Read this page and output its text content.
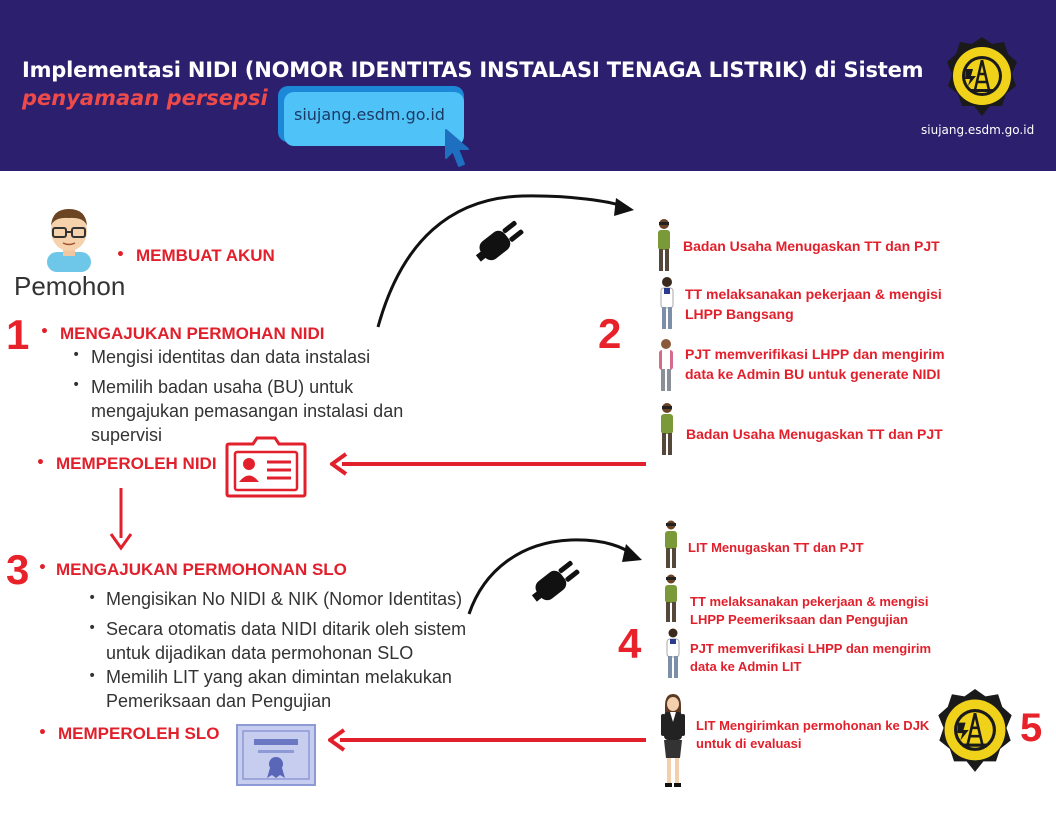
Implementasi NIDI (NOMOR IDENTITAS INSTALASI TENAGA LISTRIK) di Sistem
penyamaan persepsi
siujang.esdm.go.id
siujang.esdm.go.id
Pemohon
• MEMBUAT AKUN
1 • MENGAJUKAN PERMOHAN NIDI
• Mengisi identitas dan data instalasi
• Memilih badan usaha (BU) untuk
mengajukan pemasangan instalasi dan
supervisi
• MEMPEROLEH NIDI
3 • MENGAJUKAN PERMOHONAN SLO
• Mengisikan No NIDI & NIK (Nomor Identitas)
• Secara otomatis data NIDI ditarik oleh sistem
untuk dijadikan data permohonan SLO
• Memilih LIT yang akan dimintan melakukan
Pemeriksaan dan Pengujian
• MEMPEROLEH SLO
2
Badan Usaha Menugaskan TT dan PJT
TT melaksanakan pekerjaan & mengisi
LHPP Bangsang
PJT memverifikasi LHPP dan mengirim
data ke Admin BU untuk generate NIDI
Badan Usaha Menugaskan TT dan PJT
4
LIT Menugaskan TT dan PJT
TT melaksanakan pekerjaan & mengisi
LHPP Peemeriksaan dan Pengujian
PJT memverifikasi LHPP dan mengirim
data ke Admin LIT
LIT Mengirimkan permohonan ke DJK
untuk di evaluasi	5
